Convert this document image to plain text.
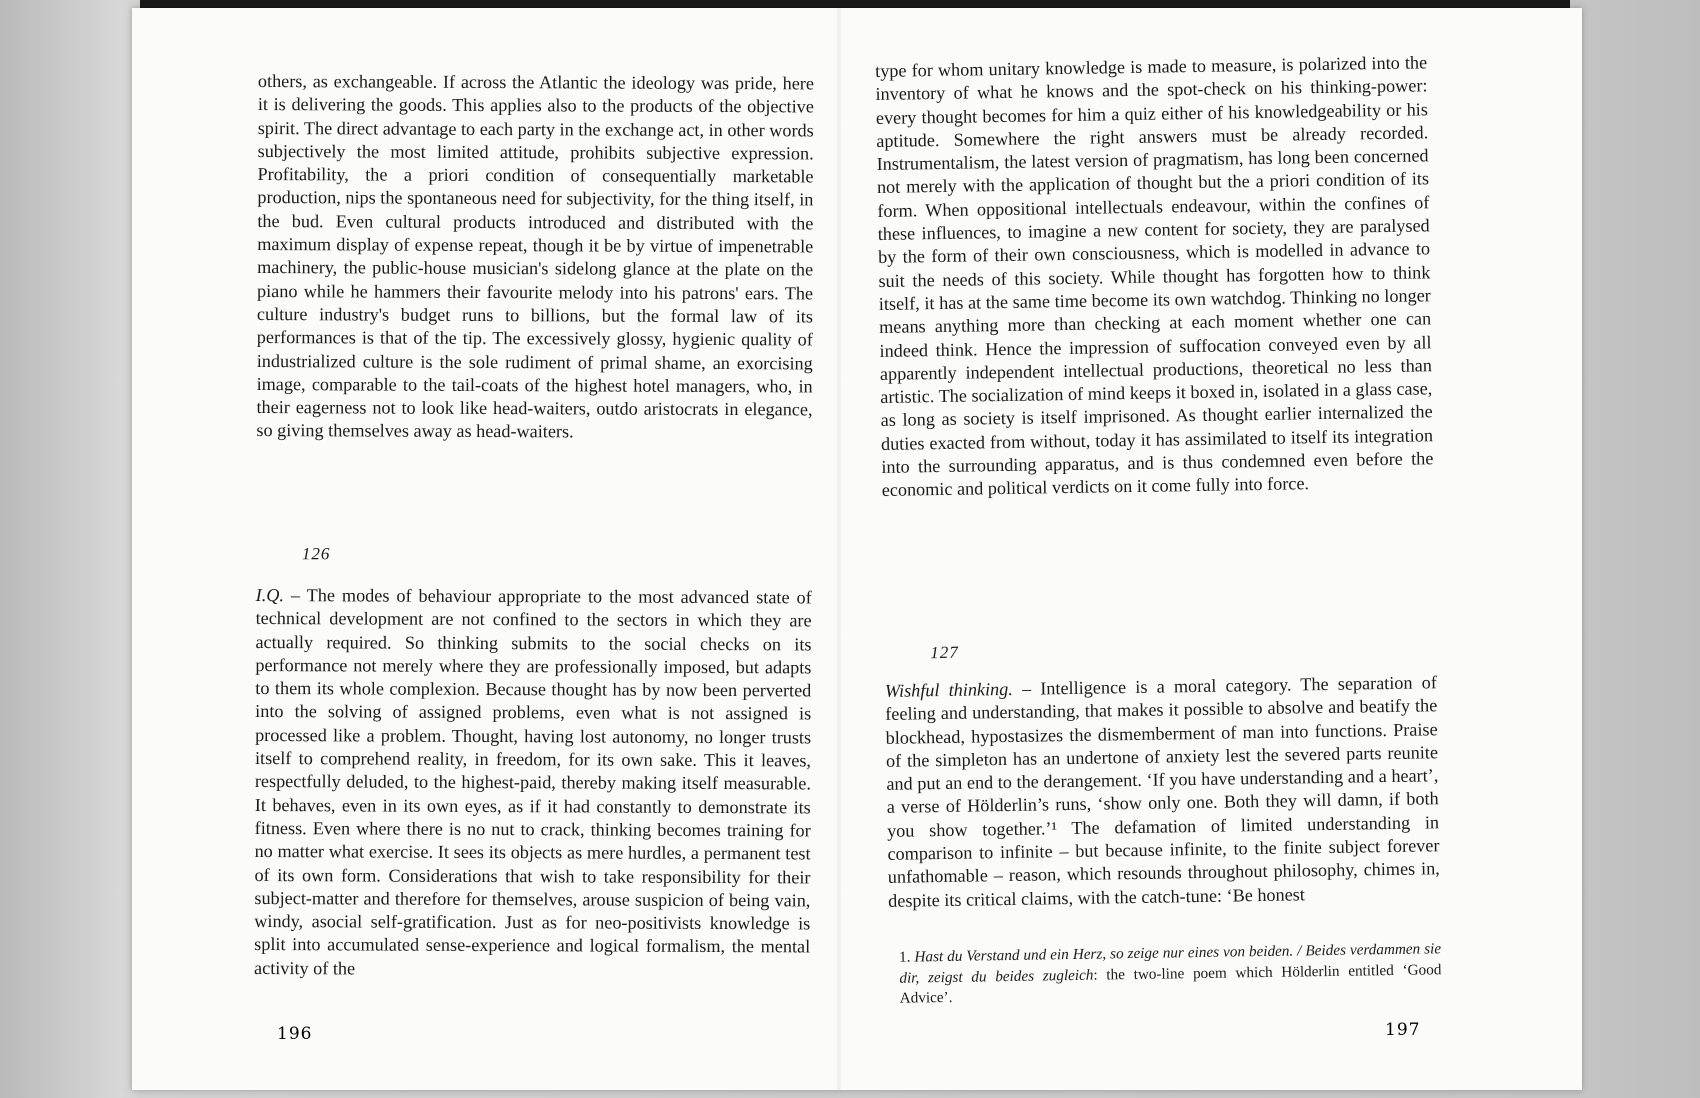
others, as exchangeable. If across the Atlantic the ideology was pride, here it is delivering the goods. This applies also to the products of the objective spirit. The direct advantage to each party in the exchange act, in other words subjectively the most limited attitude, prohibits subjective expression. Profitability, the a priori condition of consequentially marketable production, nips the spontaneous need for subjectivity, for the thing itself, in the bud. Even cultural products introduced and distributed with the maximum display of expense repeat, though it be by virtue of impenetrable machinery, the public-house musician's sidelong glance at the plate on the piano while he hammers their favourite melody into his patrons' ears. The culture industry's budget runs to billions, but the formal law of its performances is that of the tip. The excessively glossy, hygienic quality of industrialized culture is the sole rudiment of primal shame, an exorcising image, comparable to the tail-coats of the highest hotel managers, who, in their eagerness not to look like head-waiters, outdo aristocrats in elegance, so giving themselves away as head-waiters.

126

I.Q. – The modes of behaviour appropriate to the most advanced state of technical development are not confined to the sectors in which they are actually required. So thinking submits to the social checks on its performance not merely where they are professionally imposed, but adapts to them its whole complexion. Because thought has by now been perverted into the solving of assigned problems, even what is not assigned is processed like a problem. Thought, having lost autonomy, no longer trusts itself to comprehend reality, in freedom, for its own sake. This it leaves, respectfully deluded, to the highest-paid, thereby making itself measurable. It behaves, even in its own eyes, as if it had constantly to demonstrate its fitness. Even where there is no nut to crack, thinking becomes training for no matter what exercise. It sees its objects as mere hurdles, a permanent test of its own form. Considerations that wish to take responsibility for their subject-matter and therefore for themselves, arouse suspicion of being vain, windy, asocial self-gratification. Just as for neo-positivists knowledge is split into accumulated sense-experience and logical formalism, the mental activity of the

196

type for whom unitary knowledge is made to measure, is polarized into the inventory of what he knows and the spot-check on his thinking-power: every thought becomes for him a quiz either of his knowledgeability or his aptitude. Somewhere the right answers must be already recorded. Instrumentalism, the latest version of pragmatism, has long been concerned not merely with the application of thought but the a priori condition of its form. When oppositional intellectuals endeavour, within the confines of these influences, to imagine a new content for society, they are paralysed by the form of their own consciousness, which is modelled in advance to suit the needs of this society. While thought has forgotten how to think itself, it has at the same time become its own watchdog. Thinking no longer means anything more than checking at each moment whether one can indeed think. Hence the impression of suffocation conveyed even by all apparently independent intellectual productions, theoretical no less than artistic. The socialization of mind keeps it boxed in, isolated in a glass case, as long as society is itself imprisoned. As thought earlier internalized the duties exacted from without, today it has assimilated to itself its integration into the surrounding apparatus, and is thus condemned even before the economic and political verdicts on it come fully into force.

127

Wishful thinking. – Intelligence is a moral category. The separation of feeling and understanding, that makes it possible to absolve and beatify the blockhead, hypostasizes the dismemberment of man into functions. Praise of the simpleton has an undertone of anxiety lest the severed parts reunite and put an end to the derangement. ‘If you have understanding and a heart’, a verse of Hölderlin’s runs, ‘show only one. Both they will damn, if both you show together.’¹ The defamation of limited understanding in comparison to infinite – but because infinite, to the finite subject forever unfathomable – reason, which resounds throughout philosophy, chimes in, despite its critical claims, with the catch-tune: ‘Be honest

1. Hast du Verstand und ein Herz, so zeige nur eines von beiden. / Beides verdammen sie dir, zeigst du beides zugleich: the two-line poem which Hölderlin entitled ‘Good Advice’.

197
